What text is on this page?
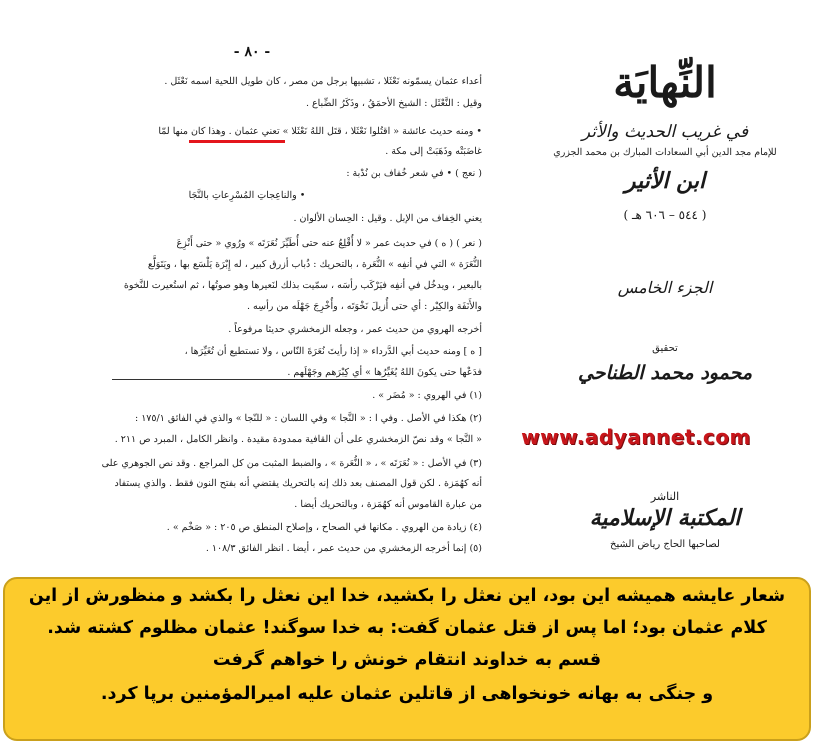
- ٨٠ -
أعداء عثمان يسمّونه نَعْثَلا ، تشبيها برجل من مصر ، كان طويل اللحية اسمه نَعْثَل .
وقيل : النَّعْثَل : الشيخ الأحمَقُ ، وذَكَرُ الضِّباع .
• ومنه حديث عائشة « اقتُلوا نَعْثَلا ، قتَل اللهُ نَعْثَلا » تعني عثمان . وهذا كان منها لمّا
غاضَبَتْه وذَهَبَتْ إلى مكة .
( نعج ) • في شعر خُفاف بن نُدْبة :
• والناعِجاتِ المُسْرِعاتِ بالنَّجَا
يعني الخِفاف من الإبل . وقيل : الحِسان الألوان .
( نعر ) ( ه ) في حديث عمر « لا أُقْلِعُ عنه حتى أُطَيِّرَ نُعَرَتَه » ورُوي « حتى أَنْزِعَ
النُّعَرَة » التي في أنفِه » النُّعَرة ، بالتحريك : ذُباب أزرق كبير ، له إِبْرَة يَلْسَع بها ، ويَتَوَلَّع
بالبعير ، ويدخُل في أنفِه فيَرْكَب رأسَه ، سمّيت بذلك لنَعيرها وهو صوتُها ، ثم استُعيرت للنَّخوة
والأَنَفَة والكِبْر : أي حتى أُزيلَ نَخْوَتَه ، وأُخْرِجَ جَهْلَه من رأسِه .
أخرجه الهروي من حديث عمر ، وجعله الزمخشري حديثا مرفوعاً .
[ ه ] ومنه حديث أبي الدَّرداء « إذا رأيتَ نُعَرَةَ النّاس ، ولا تستطيع أن تُغَيِّرَها ،
فدَعْها حتى يكونَ اللهُ يُغَيِّرُها » أي كِبْرَهم وجَهْلَهم .
(١) في الهروي : « مُضَر » .
(٢) هكذا في الأصل . وفي ا : « النَّجا » وفي اللسان : « للنّجا » والذي في الفائق ١٧٥/١ :
« النَّجا » وقد نصّ الزمخشري على أن القافية ممدودة مقيدة . وانظر الكامل ، المبرد ص ٢١١ .
(٣) في الأصل : « نُعَرَتَه » ، « النُّعَرة » ، والضبط المثبت من كل المراجع . وقد نص الجوهري على
أنه كهُمَزة . لكن قول المصنف بعد ذلك إنه بالتحريك يقتضي أنه بفتح النون فقط . والذي يستفاد
من عبارة القاموس أنه كهُمَزة ، وبالتحريك أيضا .
(٤) زيادة من الهروي . مكانها في الصحاح ، وإصلاح المنطق ص ٢٠٥ : « صَخْم » .
(٥) إنما أخرجه الزمخشري من حديث عمر ، أيضا . انظر الفائق ١٠٨/٣ .
النِّهايَة
في غريب الحديث والأثر
للإمام مجد الدين أبي السعادات المبارك بن محمد الجزري
ابن الأثير
( ٥٤٤ – ٦٠٦ هـ )
الجزء الخامس
تحقيق
محمود محمد الطناحي
الناشر
المكتبة الإسلامية
لصاحبها الحاج رياض الشيخ
www.adyannet.com
شعار عایشه همیشه این بود، این نعثل را بکشید، خدا این نعثل را بکشد و منظورش از این
کلام عثمان بود؛ اما پس از قتل عثمان گفت: به خدا سوگند! عثمان مظلوم کشته شد.
قسم به خداوند انتقام خونش را خواهم گرفت
و جنگی به بهانه خونخواهی از قاتلین عثمان علیه امیرالمؤمنین برپا کرد.
